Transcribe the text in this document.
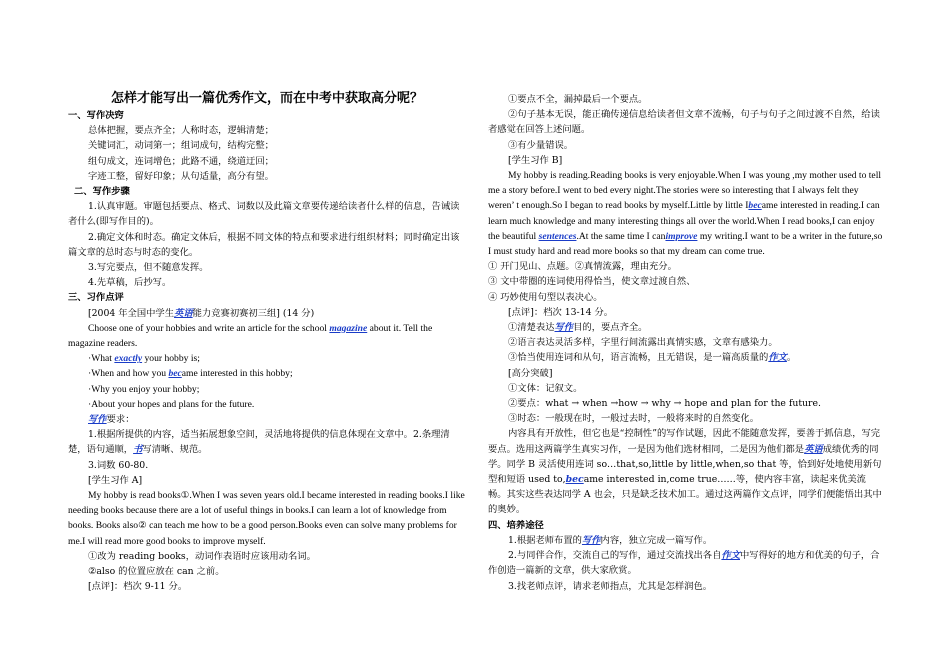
怎样才能写出一篇优秀作文，而在中考中获取高分呢？

一、写作决窍

总体把握，要点齐全；人称时态，逻辑清楚；

关键词汇，动词第一；组词成句，结构完整；

组句成文，连词增色；此路不通，绕道迂回；

字迹工整，留好印象；从句适量，高分有望。

二、写作步骤

1.认真审题。审题包括要点、格式、词数以及此篇文章要传递给读者什么样的信息，告诫读者什么(即写作目的)。

2.确定文体和时态。确定文体后，根据不同文体的特点和要求进行组织材料；同时确定出该篇文章的总时态与时态的变化。

3.写完要点，但不随意发挥。

4.先草稿，后抄写。

三、习作点评

[2004 年全国中学生英语能力竞赛初赛初三组] (14 分)

Choose one of your hobbies and write an article for the school magazine about it. Tell the magazine readers.

·What exactly your hobby is;

·When and how you became interested in this hobby;

·Why you enjoy your hobby;

·About your hopes and plans for the future.

写作要求：

1.根据所提供的内容，适当拓展想象空间，灵活地将提供的信息体现在文章中。2.条理清楚，语句通顺，书写清晰、规范。

3.词数 60-80.

[学生习作 A]

My hobby is read books①.When I was seven years old.I became interested in reading books.I like needing books because there are a lot of useful things in books.I can learn a lot of knowledge from books. Books also② can teach me how to be a good person.Books even can solve many problems for me.I will read more good books to improve myself.

①改为 reading books，动词作表语时应该用动名词。

②also 的位置应放在 can 之前。

[点评]：档次 9-11 分。

①要点不全，漏掉最后一个要点。

②句子基本无误，能正确传递信息给读者但文章不流畅，句子与句子之间过渡不自然，给读者感觉在回答上述问题。

③有少量错误。

[学生习作 B]

My hobby is reading.Reading books is very enjoyable.When I was young ,my mother used to tell me a story before.I went to bed every night.The stories were so interesting that I always felt they weren’ t enough.So I began to read books by myself.Little by little Ibecame interested in reading.I can learn much knowledge and many interesting things all over the world.When I read books,I can enjoy the beautiful sentences.At the same time I canimprove my writing.I want to be a writer in the future,so I must study hard and read more books so that my dream can come true.

① 开门见山、点题。②真情流露，理由充分。

③ 文中带圈的连词使用得恰当，使文章过渡自然、

④ 巧妙使用句型以表决心。

[点评]：档次 13-14 分。

①清楚表达写作目的，要点齐全。

②语言表达灵活多样，字里行间流露出真情实感，文章有感染力。

③恰当使用连词和从句，语言流畅，且无错误，是一篇高质量的作文。

[高分突破]

①文体：记叙文。

②要点：what → when →how → why → hope and plan for the future.

③时态：一般现在时，一般过去时，一般将来时的自然变化。

内容具有开放性，但它也是“控制性”的写作试题，因此不能随意发挥，要善于抓信息，写完要点。选用这两篇学生真实习作，一是因为他们选材相同，二是因为他们都是英语成绩优秀的同学。同学 B 灵活使用连词 so…that,so,little by little,when,so that 等，恰到好处地使用新句型和短语 used to,became interested in,come true……等，使内容丰富，读起来优美流畅。其实这些表达同学 A 也会，只是缺乏技术加工。通过这两篇作文点评，同学们便能悟出其中的奥妙。

四、培养途径

1.根据老师布置的写作内容，独立完成一篇写作。

2.与同伴合作，交流自己的写作，通过交流找出各自作文中写得好的地方和优美的句子，合作创造一篇新的文章，供大家欣赏。

3.找老师点评，请求老师指点，尤其是怎样润色。
